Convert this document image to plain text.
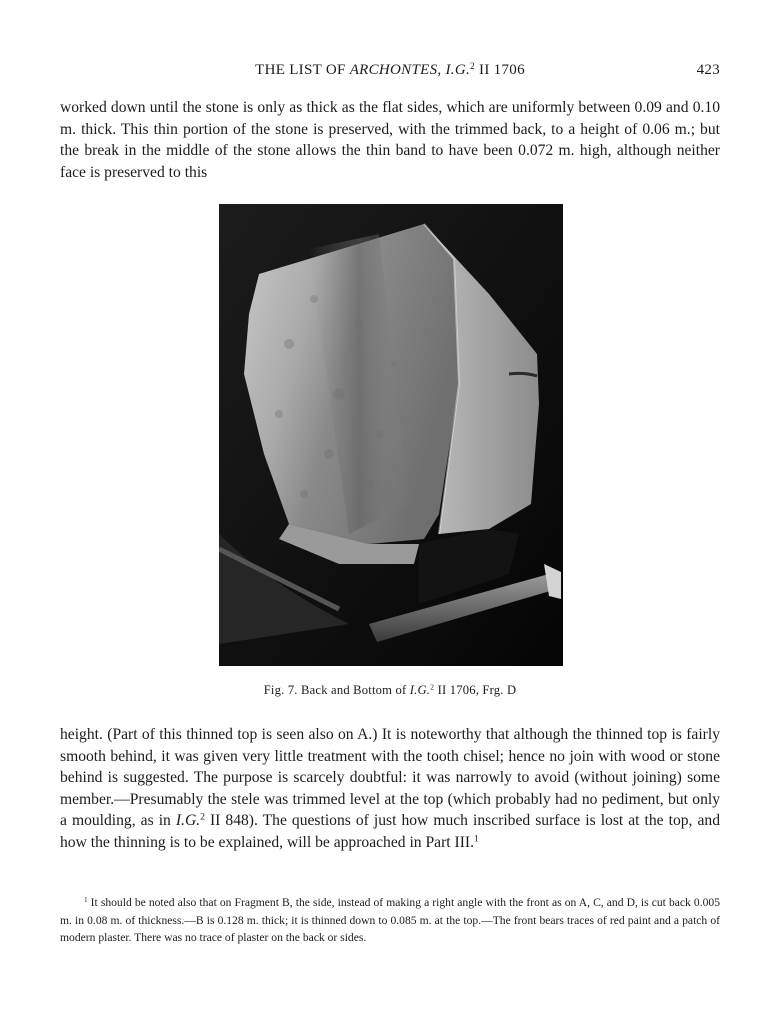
THE LIST OF ARCHONTES, I.G.$^2$ II 1706	423

worked down until the stone is only as thick as the flat sides, which are uniformly between 0.09 and 0.10 m. thick. This thin portion of the stone is preserved, with the trimmed back, to a height of 0.06 m.; but the break in the middle of the stone allows the thin band to have been 0.072 m. high, although neither face is preserved to this

Fig. 7. Back and Bottom of I.G.$^2$ II 1706, Frg. D

height. (Part of this thinned top is seen also on A.) It is noteworthy that although the thinned top is fairly smooth behind, it was given very little treatment with the tooth chisel; hence no join with wood or stone behind is suggested. The purpose is scarcely doubtful: it was narrowly to avoid (without joining) some member.—Presumably the stele was trimmed level at the top (which probably had no pediment, but only a moulding, as in I.G.$^2$ II 848). The questions of just how much inscribed surface is lost at the top, and how the thinning is to be explained, will be approached in Part III.$^1$

$^1$ It should be noted also that on Fragment B, the side, instead of making a right angle with the front as on A, C, and D, is cut back 0.005 m. in 0.08 m. of thickness.—B is 0.128 m. thick; it is thinned down to 0.085 m. at the top.—The front bears traces of red paint and a patch of modern plaster. There was no trace of plaster on the back or sides.
